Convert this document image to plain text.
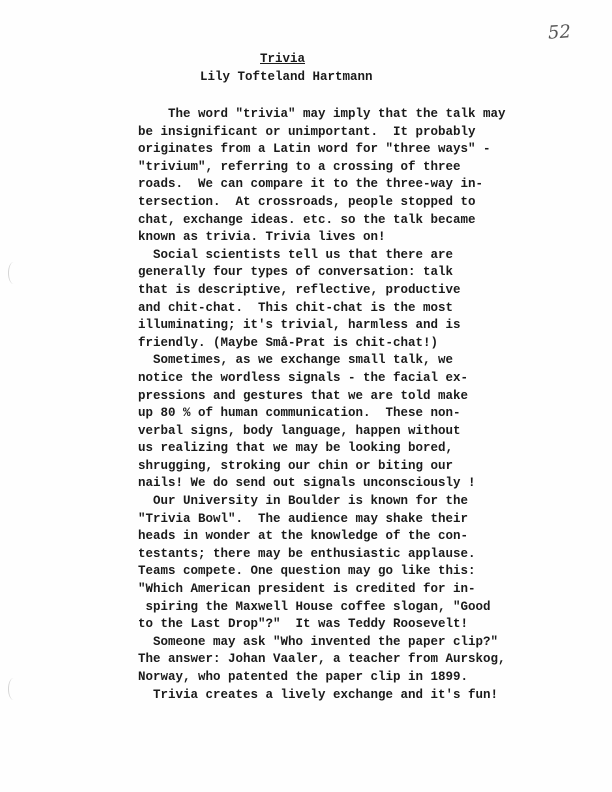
52
Trivia
Lily Tofteland Hartmann
The word "trivia" may imply that the talk may
be insignificant or unimportant.  It probably
originates from a Latin word for "three ways" -
"trivium", referring to a crossing of three
roads.  We can compare it to the three-way in-
tersection.  At crossroads, people stopped to
chat, exchange ideas. etc. so the talk became
known as trivia. Trivia lives on!
Social scientists tell us that there are
generally four types of conversation: talk
that is descriptive, reflective, productive
and chit-chat.  This chit-chat is the most
illuminating; it's trivial, harmless and is
friendly. (Maybe Små-Prat is chit-chat!)
Sometimes, as we exchange small talk, we
notice the wordless signals - the facial ex-
pressions and gestures that we are told make
up 80 % of human communication.  These non-
verbal signs, body language, happen without
us realizing that we may be looking bored,
shrugging, stroking our chin or biting our
nails! We do send out signals unconsciously !
Our University in Boulder is known for the
"Trivia Bowl".  The audience may shake their
heads in wonder at the knowledge of the con-
testants; there may be enthusiastic applause.
Teams compete. One question may go like this:
"Which American president is credited for in-
spiring the Maxwell House coffee slogan, "Good
to the Last Drop"?"  It was Teddy Roosevelt!
Someone may ask "Who invented the paper clip?"
The answer: Johan Vaaler, a teacher from Aurskog,
Norway, who patented the paper clip in 1899.
Trivia creates a lively exchange and it's fun!
